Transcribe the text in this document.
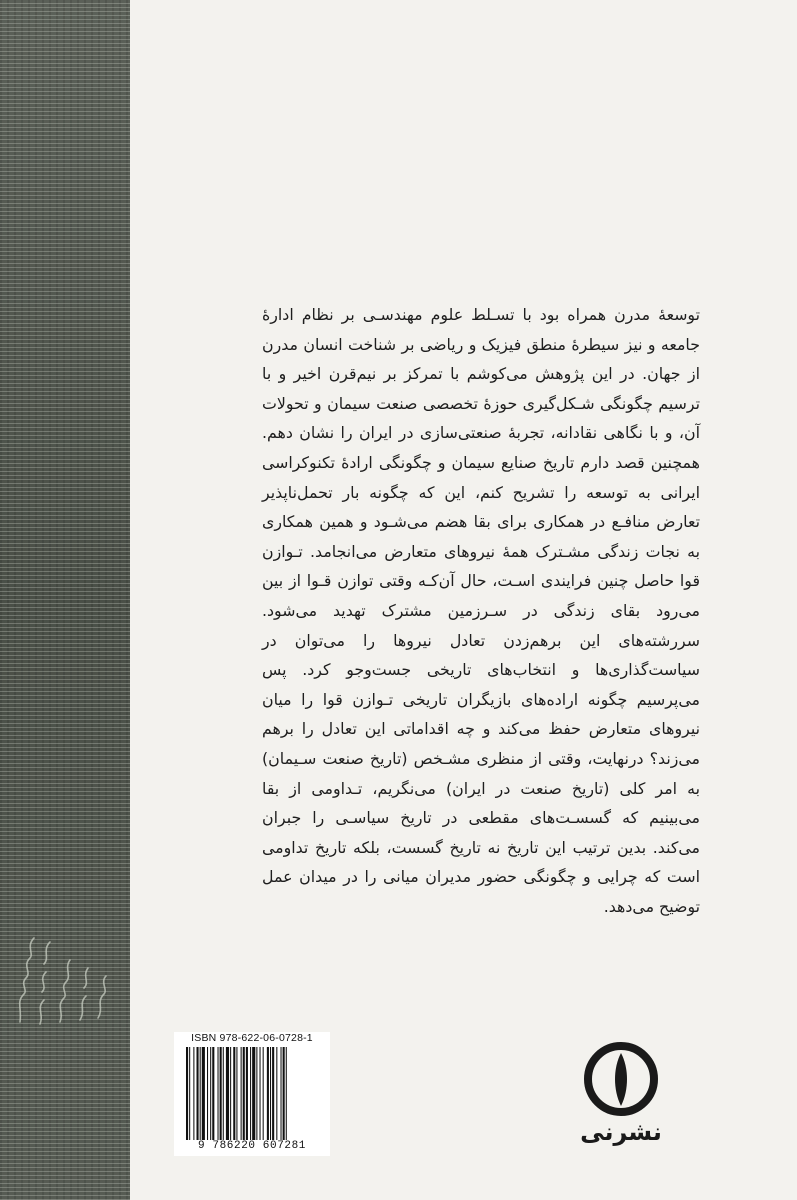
توسعهٔ مدرن همراه بود با تسـلط علوم مهندسـی بر نظام ادارهٔ جامعه و نیز سیطرهٔ منطق فیزیک و ریاضی بر شناخت انسان مدرن از جهان. در این پژوهش می‌کوشم با تمرکز بر نیم‌قرن اخیر و با ترسیم چگونگی شـکل‌گیری حوزهٔ تخصصی صنعت سیمان و تحولات آن، و با نگاهی نقادانه، تجربهٔ صنعتی‌سازی در ایران را نشان دهم. همچنین قصد دارم تاریخ صنایع سیمان و چگونگی ارادهٔ تکنوکراسی ایرانی به توسعه را تشریح کنم، این که چگونه بار تحمل‌ناپذیر تعارض منافـع در همکاری برای بقا هضم می‌شـود و همین همکاری به نجات زندگی مشـترک همهٔ نیروهای متعارض می‌انجامد. تـوازن قوا حاصل چنین فرایندی اسـت، حال آن‌کـه وقتی توازن قـوا از بین می‌رود بقای زندگی در سـرزمین مشترک تهدید می‌شود. سررشته‌های این برهم‌زدن تعادل نیروها را می‌توان در سیاست‌گذاری‌ها و انتخاب‌های تاریخی جست‌وجو کرد. پس می‌پرسیم چگونه اراده‌های بازیگران تاریخی تـوازن قوا را میان نیروهای متعارض حفظ می‌کند و چه اقداماتی این تعادل را برهم می‌زند؟ درنهایت، وقتی از منظری مشـخص (تاریخ صنعت سـیمان) به امر کلی (تاریخ صنعت در ایران) می‌نگریم، تـداومی از بقا می‌بینیم که گسسـت‌های مقطعی در تاریخ سیاسـی را جبران می‌کند. بدین ترتیب این تاریخ نه تاریخ گسست، بلکه تاریخ تداومی است که چرایی و چگونگی حضور مدیران میانی را در میدان عمل توضیح می‌دهد.

ISBN 978-622-06-0728-1
9 786220 607281	نشرنی
